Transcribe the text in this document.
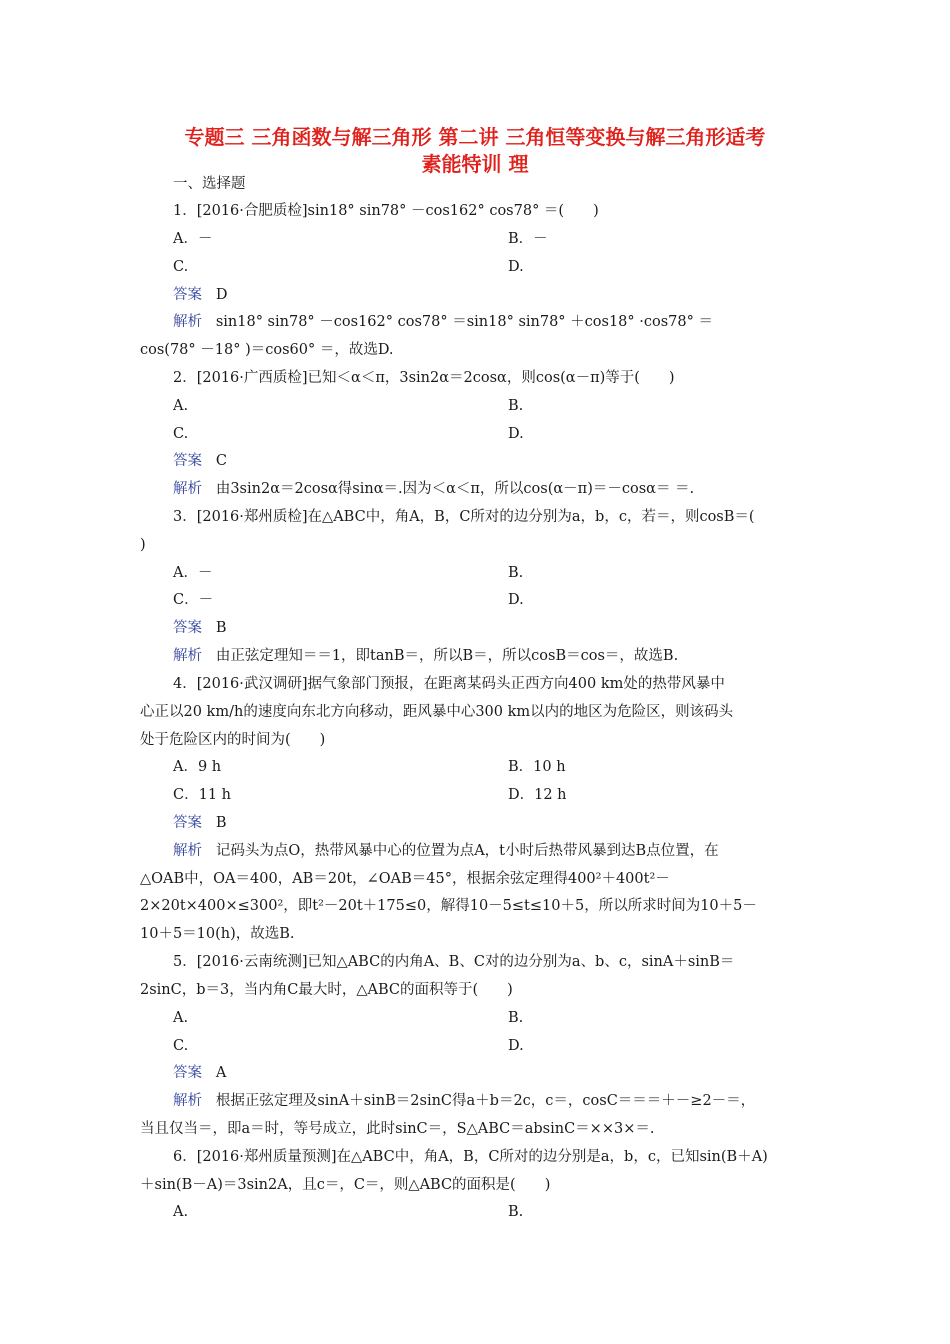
专题三 三角函数与解三角形 第二讲 三角恒等变换与解三角形适考
素能特训 理
一、选择题
1．[2016·合肥质检]sin18° sin78° －cos162° cos78° ＝(　　)
A．－	B．－
C.	D.
答案 D
解析 sin18° sin78° －cos162° cos78° ＝sin18° sin78° ＋cos18° ·cos78° ＝
cos(78° －18° )＝cos60° ＝，故选D.
2．[2016·广西质检]已知＜α＜π，3sin2α＝2cosα，则cos(α－π)等于(　　)
A.	B.
C.	D.
答案 C
解析 由3sin2α＝2cosα得sinα＝.因为＜α＜π，所以cos(α－π)＝－cosα＝ ＝.
3．[2016·郑州质检]在△ABC中，角A，B，C所对的边分别为a，b，c，若＝，则cosB＝(
)
A．－	B.
C．－	D.
答案 B
解析 由正弦定理知＝＝1，即tanB＝，所以B＝，所以cosB＝cos＝，故选B.
4．[2016·武汉调研]据气象部门预报，在距离某码头正西方向400 km处的热带风暴中
心正以20 km/h的速度向东北方向移动，距风暴中心300 km以内的地区为危险区，则该码头
处于危险区内的时间为(　　)
A．9 h	B．10 h
C．11 h	D．12 h
答案 B
解析 记码头为点O，热带风暴中心的位置为点A，t小时后热带风暴到达B点位置，在
△OAB中，OA＝400，AB＝20t，∠OAB＝45°，根据余弦定理得400²＋400t²－
2×20t×400×≤300²，即t²－20t＋175≤0，解得10－5≤t≤10＋5，所以所求时间为10＋5－
10＋5＝10(h)，故选B.
5．[2016·云南统测]已知△ABC的内角A、B、C对的边分别为a、b、c，sinA＋sinB＝
2sinC，b＝3，当内角C最大时，△ABC的面积等于(　　)
A.	B.
C.	D.
答案 A
解析 根据正弦定理及sinA＋sinB＝2sinC得a＋b＝2c，c＝，cosC＝＝＝＋－≥2－＝，
当且仅当＝，即a＝时，等号成立，此时sinC＝，S△ABC＝absinC＝××3×＝.
6．[2016·郑州质量预测]在△ABC中，角A，B，C所对的边分别是a，b，c，已知sin(B＋A)
＋sin(B－A)＝3sin2A，且c＝，C＝，则△ABC的面积是(　　)
A.	B.
